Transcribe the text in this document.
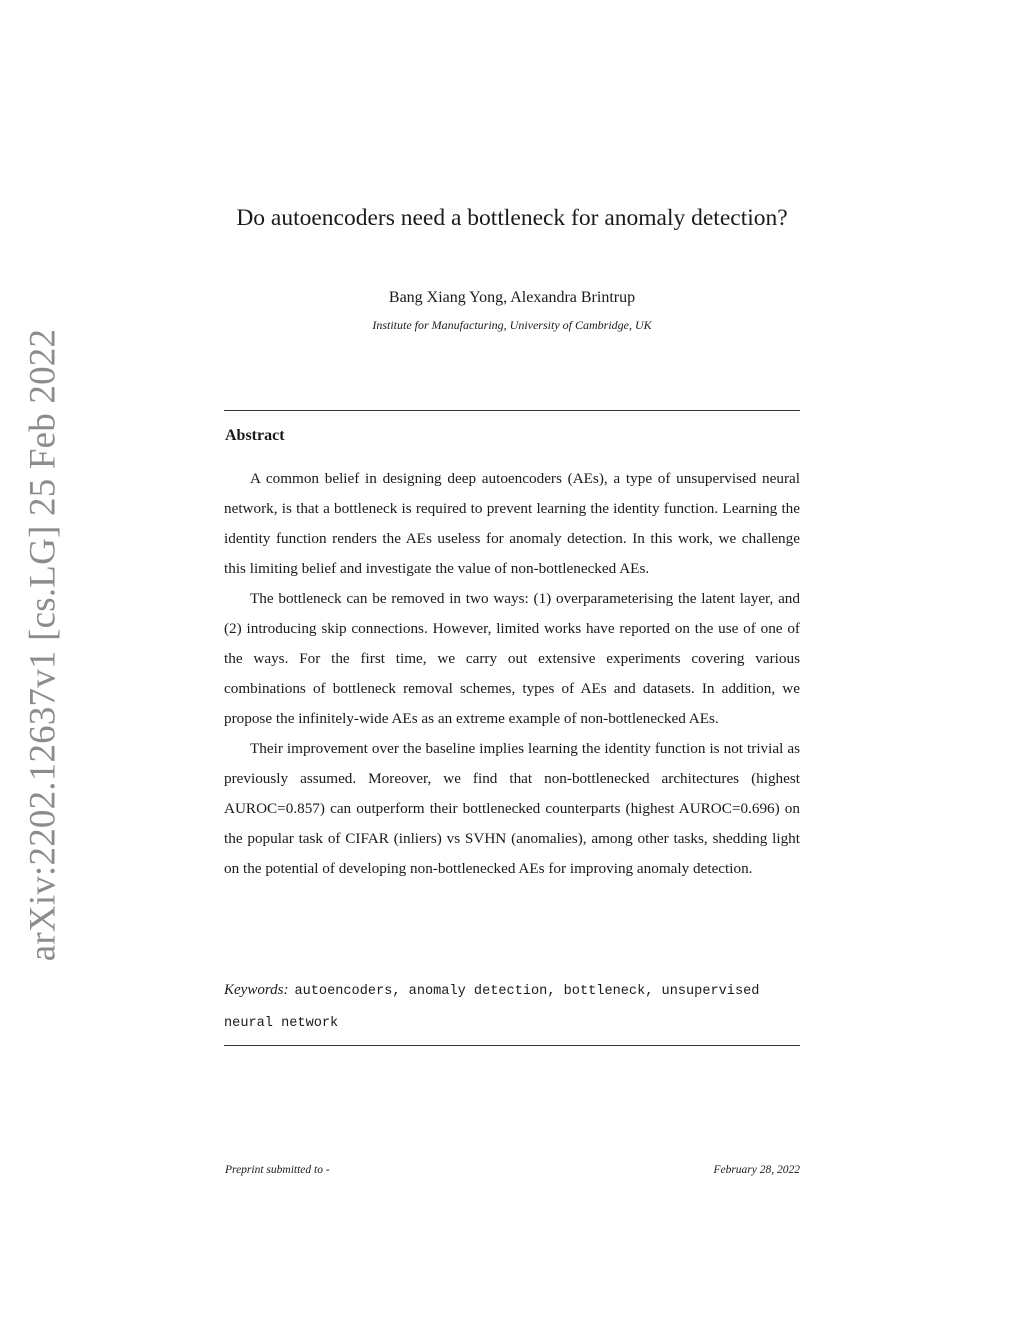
arXiv:2202.12637v1 [cs.LG] 25 Feb 2022
Do autoencoders need a bottleneck for anomaly detection?
Bang Xiang Yong, Alexandra Brintrup
Institute for Manufacturing, University of Cambridge, UK
Abstract

A common belief in designing deep autoencoders (AEs), a type of unsupervised neural network, is that a bottleneck is required to prevent learning the identity function. Learning the identity function renders the AEs useless for anomaly detection. In this work, we challenge this limiting belief and investigate the value of non-bottlenecked AEs.

The bottleneck can be removed in two ways: (1) overparameterising the latent layer, and (2) introducing skip connections. However, limited works have reported on the use of one of the ways. For the first time, we carry out extensive experiments covering various combinations of bottleneck removal schemes, types of AEs and datasets. In addition, we propose the infinitely-wide AEs as an extreme example of non-bottlenecked AEs.

Their improvement over the baseline implies learning the identity function is not trivial as previously assumed. Moreover, we find that non-bottlenecked architectures (highest AUROC=0.857) can outperform their bottlenecked counterparts (highest AUROC=0.696) on the popular task of CIFAR (inliers) vs SVHN (anomalies), among other tasks, shedding light on the potential of developing non-bottlenecked AEs for improving anomaly detection.

Keywords: autoencoders, anomaly detection, bottleneck, unsupervised neural network
Preprint submitted to -	February 28, 2022
